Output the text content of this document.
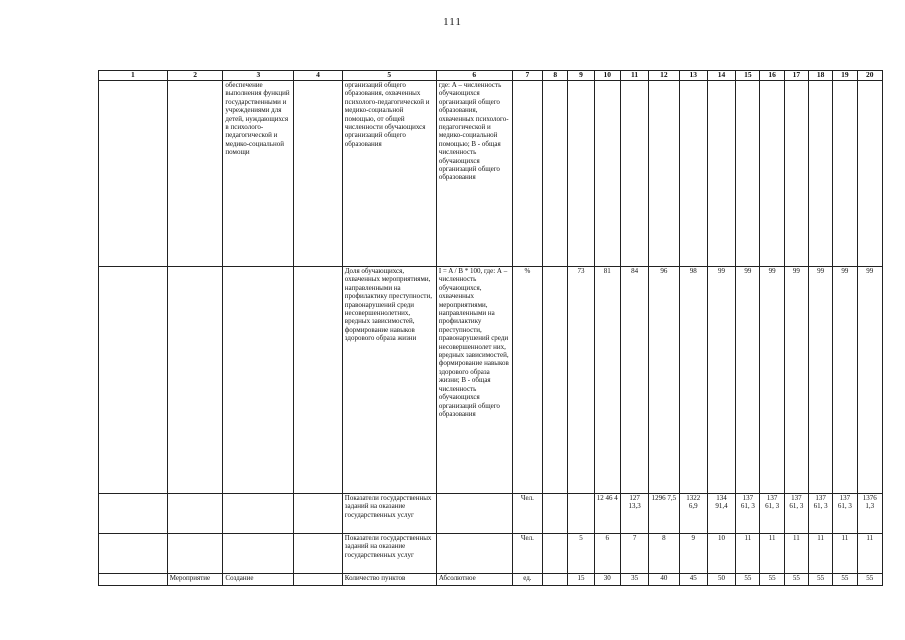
111
1	2	3	4	5	6	7	8	9	10	11	12	13	14	15	16	17	18	19	20
		обеспечение выполнения функций государственными и учреждениями для детей, нуждающихся в психолого-педагогической и медико-социальной помощи		организаций общего образования, охваченных психолого-педагогической и медико-социальной помощью, от общей численности обучающихся организаций общего образования	где: А – численность обучающихся организаций общего образования, охваченных психолого-педагогической и медико-социальной помощью; В - общая численность обучающихся организаций общего образования														
				Доля обучающихся, охваченных мероприятиями, направленными на профилактику преступности, правонарушений среди несовершеннолетних, вредных зависимостей, формирование навыков здорового образа жизни	I = A / B * 100, где: А – численность обучающихся, охваченных мероприятиями, направленными на профилактику преступности, правонарушений среди несовершеннолет них, вредных зависимостей, формирование навыков здорового образа жизни; В - общая численность обучающихся организаций общего образования	%		73	81	84	96	98	99	99	99	99	99	99	99
				Показатели государственных заданий на оказание государственных услуг		Чел.			12 46 4	127 13,3	1296 7,5	1322 6,9	134 91,4	137 61, 3	137 61, 3	137 61, 3	137 61, 3	137 61, 3	1376 1,3
				Показатели государственных заданий на оказание государственных услуг		Чел.		5	6	7	8	9	10	11	11	11	11	11	11
	Мероприятие	Создание		Количество пунктов	Абсолютное	ед.		15	30	35	40	45	50	55	55	55	55	55	55
